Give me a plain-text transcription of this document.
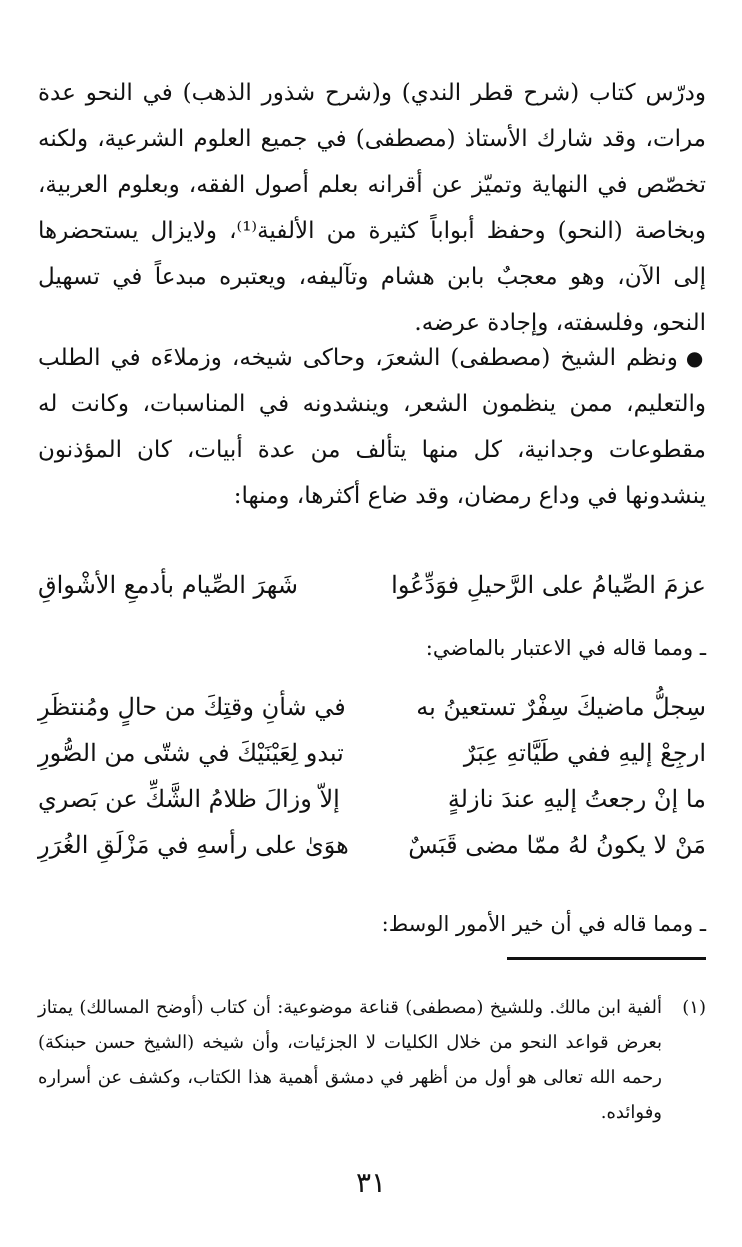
ودرّس كتاب (شرح قطر الندي) و(شرح شذور الذهب) في النحو عدة مرات، وقد شارك الأستاذ (مصطفى) في جميع العلوم الشرعية، ولكنه تخصّص في النهاية وتميّز عن أقرانه بعلم أصول الفقه، وبعلوم العربية، وبخاصة (النحو) وحفظ أبواباً كثيرة من الألفية⁽¹⁾، ولايزال يستحضرها إلى الآن، وهو معجبٌ بابن هشام وتآليفه، ويعتبره مبدعاً في تسهيل النحو، وفلسفته، وإجادة عرضه.

●ونظم الشيخ (مصطفى) الشعرَ، وحاكى شيخه، وزملاءَه في الطلب والتعليم، ممن ينظمون الشعر، وينشدونه في المناسبات، وكانت له مقطوعات وجدانية، كل منها يتألف من عدة أبيات، كان المؤذنون ينشدونها في وداع رمضان، وقد ضاع أكثرها، ومنها:

عزمَ الصِّيامُ على الرَّحيلِ فوَدِّعُوا
شَهرَ الصِّيام بأدمعِ الأشْواقِ
ـ ومما قاله في الاعتبار بالماضي:
سِجلُّ ماضيكَ سِفْرٌ تستعينُ به
في شأنِ وقتِكَ من حالٍ ومُنتظَرِ
ارجِعْ إليهِ ففي طَيَّاتهِ عِبَرٌ
تبدو لِعَيْنَيْكَ في شتّى من الصُّورِ
ما إنْ رجعتُ إليهِ عندَ نازلةٍ
إلاّ وزالَ ظلامُ الشَّكِّ عن بَصري
مَنْ لا يكونُ لهُ ممّا مضى قَبَسٌ
هوَىٰ على رأسهِ في مَزْلَقِ الغُرَرِ
ـ ومما قاله في أن خير الأمور الوسط:
(١)
ألفية ابن مالك. وللشيخ (مصطفى) قناعة موضوعية: أن كتاب (أوضح المسالك) يمتاز بعرض قواعد النحو من خلال الكليات لا الجزئيات، وأن شيخه (الشيخ حسن حبنكة) رحمه الله تعالى هو أول من أظهر في دمشق أهمية هذا الكتاب، وكشف عن أسراره وفوائده.
٣١
